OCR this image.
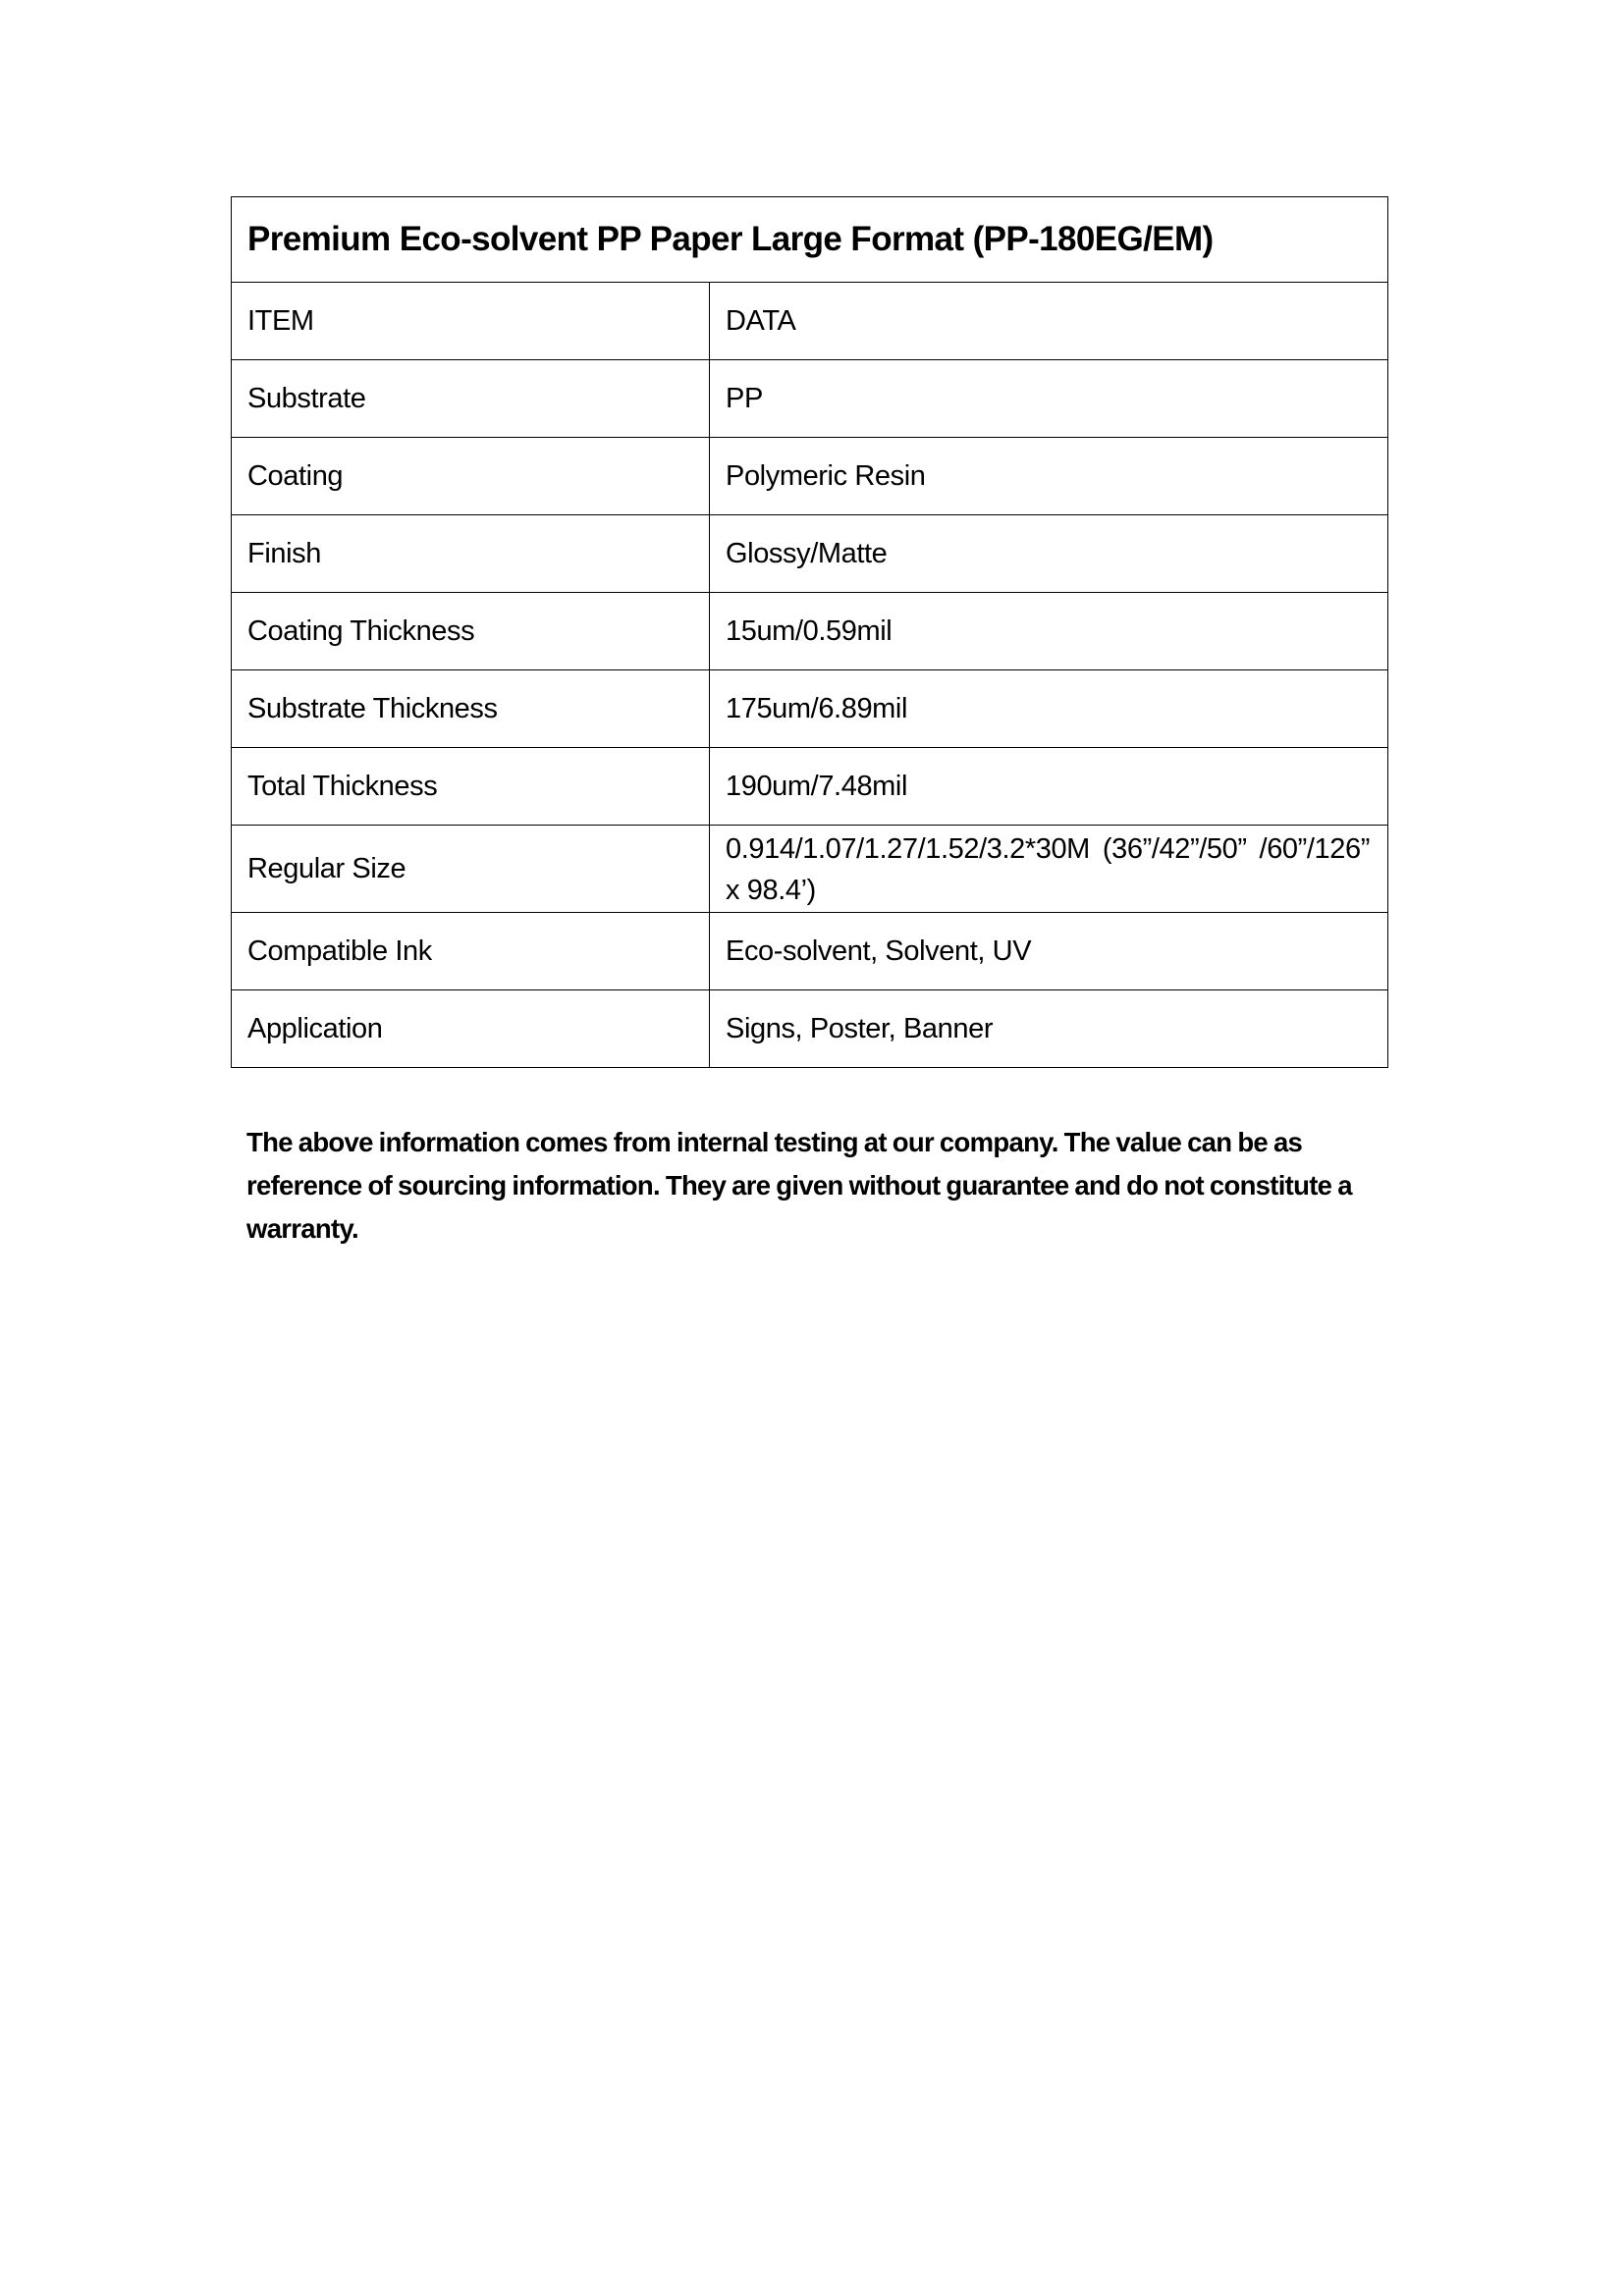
Premium Eco-solvent PP Paper Large Format (PP-180EG/EM)	
ITEM	DATA
Substrate	PP
Coating	Polymeric Resin
Finish	Glossy/Matte
Coating Thickness	15um/0.59mil
Substrate Thickness	175um/6.89mil
Total Thickness	190um/7.48mil
Regular Size	0.914/1.07/1.27/1.52/3.2*30M (36”/42”/50” /60”/126” x 98.4’)
Compatible Ink	Eco-solvent, Solvent, UV
Application	Signs, Poster, Banner

The above information comes from internal testing at our company. The value can be as reference of sourcing information. They are given without guarantee and do not constitute a warranty.
